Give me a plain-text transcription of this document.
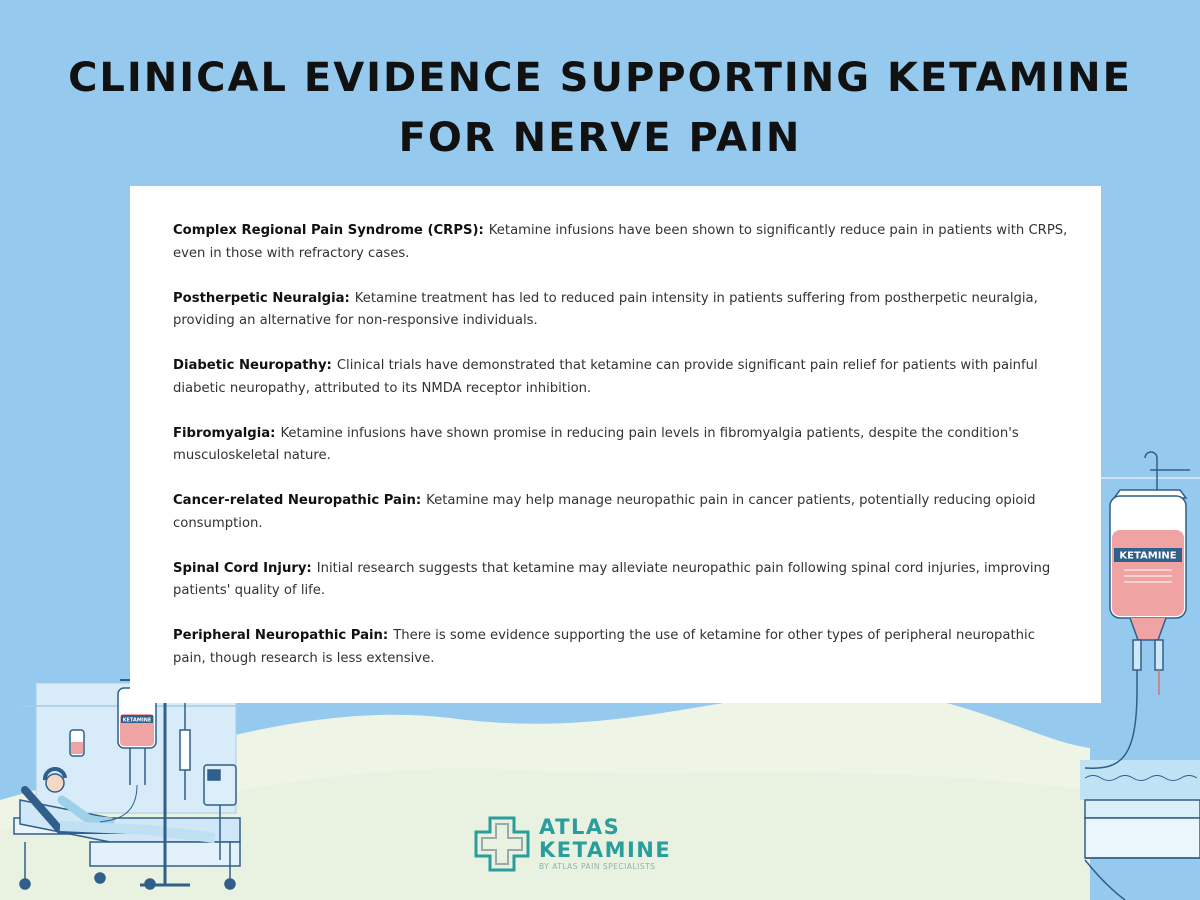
KETAMINE
KETAMINE
CLINICAL EVIDENCE SUPPORTING KETAMINE FOR NERVE PAIN

Complex Regional Pain Syndrome (CRPS): Ketamine infusions have been shown to significantly reduce pain in patients with CRPS, even in those with refractory cases.

Postherpetic Neuralgia: Ketamine treatment has led to reduced pain intensity in patients suffering from postherpetic neuralgia, providing an alternative for non-responsive individuals.

Diabetic Neuropathy: Clinical trials have demonstrated that ketamine can provide significant pain relief for patients with painful diabetic neuropathy, attributed to its NMDA receptor inhibition.

Fibromyalgia: Ketamine infusions have shown promise in reducing pain levels in fibromyalgia patients, despite the condition's musculoskeletal nature.

Cancer-related Neuropathic Pain: Ketamine may help manage neuropathic pain in cancer patients, potentially reducing opioid consumption.

Spinal Cord Injury: Initial research suggests that ketamine may alleviate neuropathic pain following spinal cord injuries, improving patients' quality of life.

Peripheral Neuropathic Pain: There is some evidence supporting the use of ketamine for other types of peripheral neuropathic pain, though research is less extensive.

ATLAS
KETAMINE
BY ATLAS PAIN SPECIALISTS
